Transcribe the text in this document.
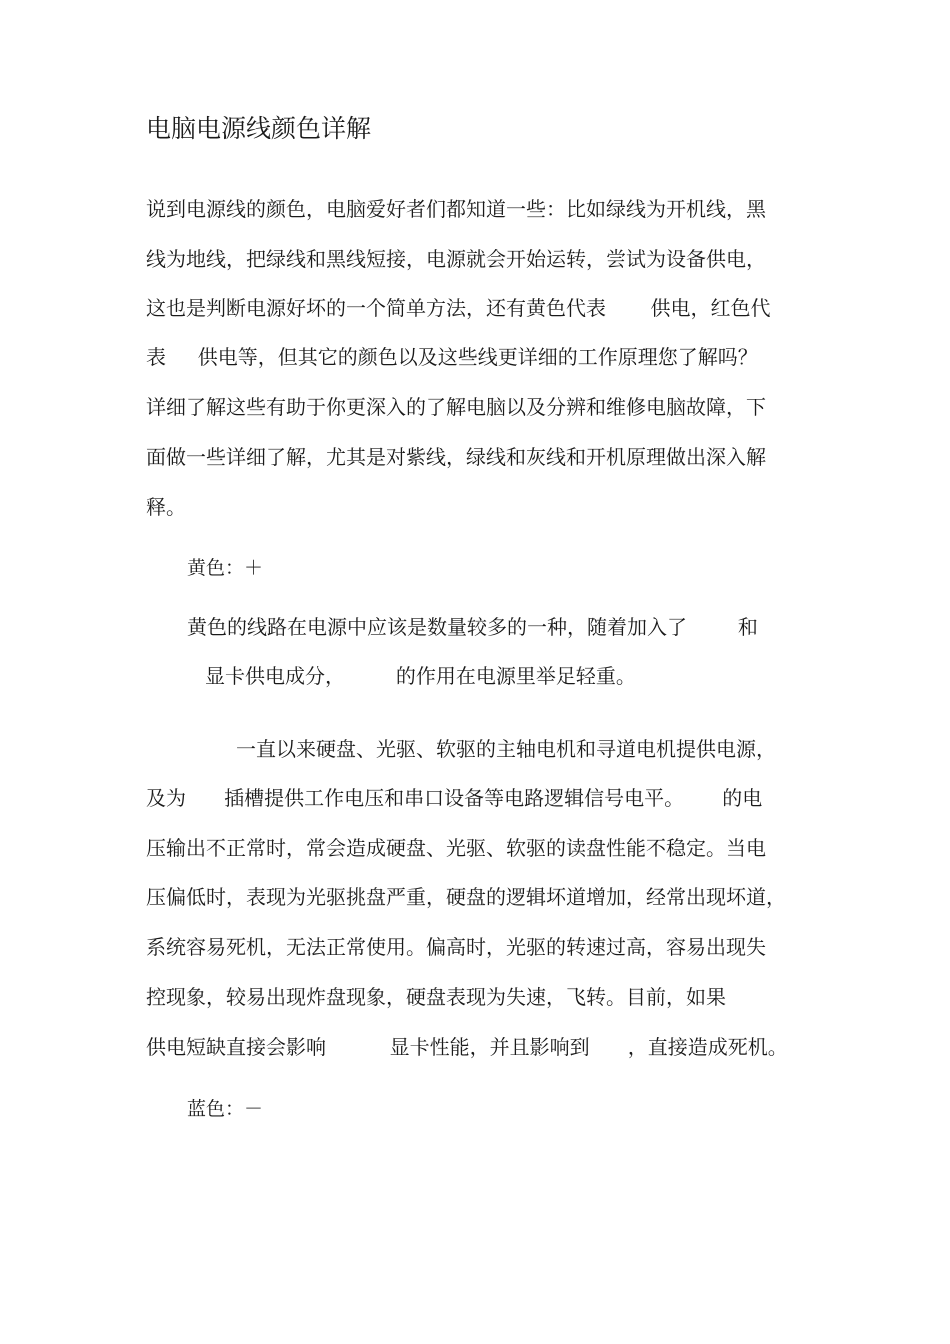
电脑电源线颜色详解
说到电源线的颜色，电脑爱好者们都知道一些：比如绿线为开机线，黑
线为地线，把绿线和黑线短接，电源就会开始运转，尝试为设备供电，
这也是判断电源好坏的一个简单方法，还有黄色代表       供电，红色代
表     供电等，但其它的颜色以及这些线更详细的工作原理您了解吗？
详细了解这些有助于你更深入的了解电脑以及分辨和维修电脑故障，下
面做一些详细了解，尤其是对紫线，绿线和灰线和开机原理做出深入解
释。
黄色：＋
黄色的线路在电源中应该是数量较多的一种，随着加入了        和
显卡供电成分，        的作用在电源里举足轻重。
一直以来硬盘、光驱、软驱的主轴电机和寻道电机提供电源，
及为      插槽提供工作电压和串口设备等电路逻辑信号电平。      的电
压输出不正常时，常会造成硬盘、光驱、软驱的读盘性能不稳定。当电
压偏低时，表现为光驱挑盘严重，硬盘的逻辑坏道增加，经常出现坏道，
系统容易死机，无法正常使用。偏高时，光驱的转速过高，容易出现失
控现象，较易出现炸盘现象，硬盘表现为失速，飞转。目前，如果
供电短缺直接会影响          显卡性能，并且影响到      ，直接造成死机。
蓝色：－
